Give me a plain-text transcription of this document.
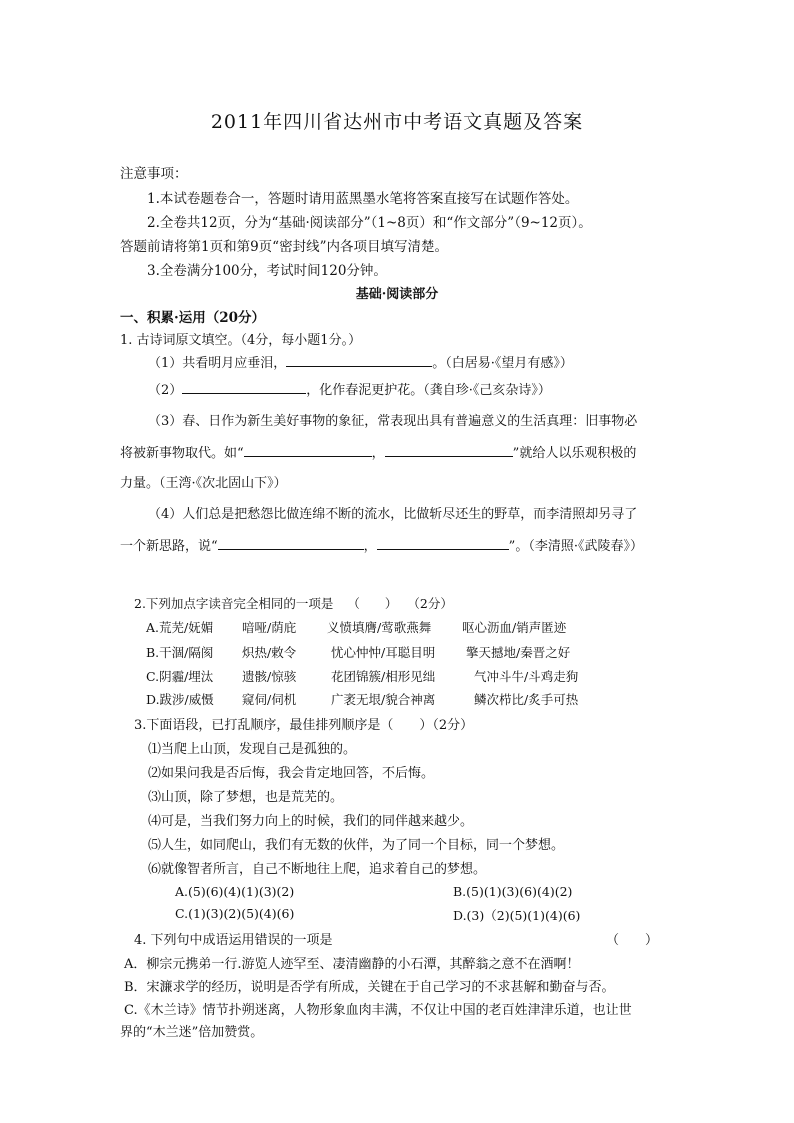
2011年四川省达州市中考语文真题及答案
注意事项：
1.本试卷题卷合一，答题时请用蓝黑墨水笔将答案直接写在试题作答处。
2.全卷共12页，分为“基础·阅读部分”（1~8页）和“作文部分”（9~12页）。
答题前请将第1页和第9页“密封线”内各项目填写清楚。
3.全卷满分100分，考试时间120分钟。
基础·阅读部分
一、积累·运用（20分）
1. 古诗词原文填空。（4分，每小题1分。）
（1）共看明月应垂泪，	。（白居易·《望月有感》）
（2）	，化作春泥更护花。（龚自珍·《己亥杂诗》）
（3）春、日作为新生美好事物的象征，常表现出具有普遍意义的生活真理：旧事物必
将被新事物取代。如“	，	”就给人以乐观积极的
力量。（王湾·《次北固山下》）
（4）人们总是把愁怨比做连绵不断的流水，比做斩尽还生的野草，而李清照却另寻了
一个新思路，说“	，	”。（李清照·《武陵春》）
2.下列加点字读音完全相同的一项是 （　　） （2分）
A.荒芜/妩媚 喑哑/荫庇 义愤填膺/莺歌燕舞 呕心沥血/销声匿迹
B.干涸/隔阂 炽热/敕令	忧心忡忡/耳聪目明 擎天撼地/秦晋之好
C.阴霾/埋汰 遗骸/惊骇	花团锦簇/相形见绌	气冲斗牛/斗鸡走狗
D.跋涉/威慑 窥伺/伺机	广袤无垠/貌合神离	鳞次栉比/炙手可热
3.下面语段，已打乱顺序，最佳排列顺序是（　　）（2分）
⑴当爬上山顶，发现自己是孤独的。
⑵如果问我是否后悔，我会肯定地回答，不后悔。
⑶山顶，除了梦想，也是荒芜的。
⑷可是，当我们努力向上的时候，我们的同伴越来越少。
⑸人生，如同爬山，我们有无数的伙伴，为了同一个目标，同一个梦想。
⑹就像智者所言，自己不断地往上爬，追求着自己的梦想。
A.(5)(6)(4)(1)(3)(2)	B.(5)(1)(3)(6)(4)(2)
C.(1)(3)(2)(5)(4)(6)	D.(3)（2)(5)(1)(4)(6)
4. 下列句中成语运用错误的一项是	（　　）
A．柳宗元携弟一行.游览人迹罕至、凄清幽静的小石潭，其醉翁之意不在酒啊！
B．宋濂求学的经历，说明是否学有所成，关键在于自己学习的不求甚解和勤奋与否。
C.《木兰诗》情节扑朔迷离，人物形象血肉丰满，不仅让中国的老百姓津津乐道，也让世
界的“木兰迷”倍加赞赏。
